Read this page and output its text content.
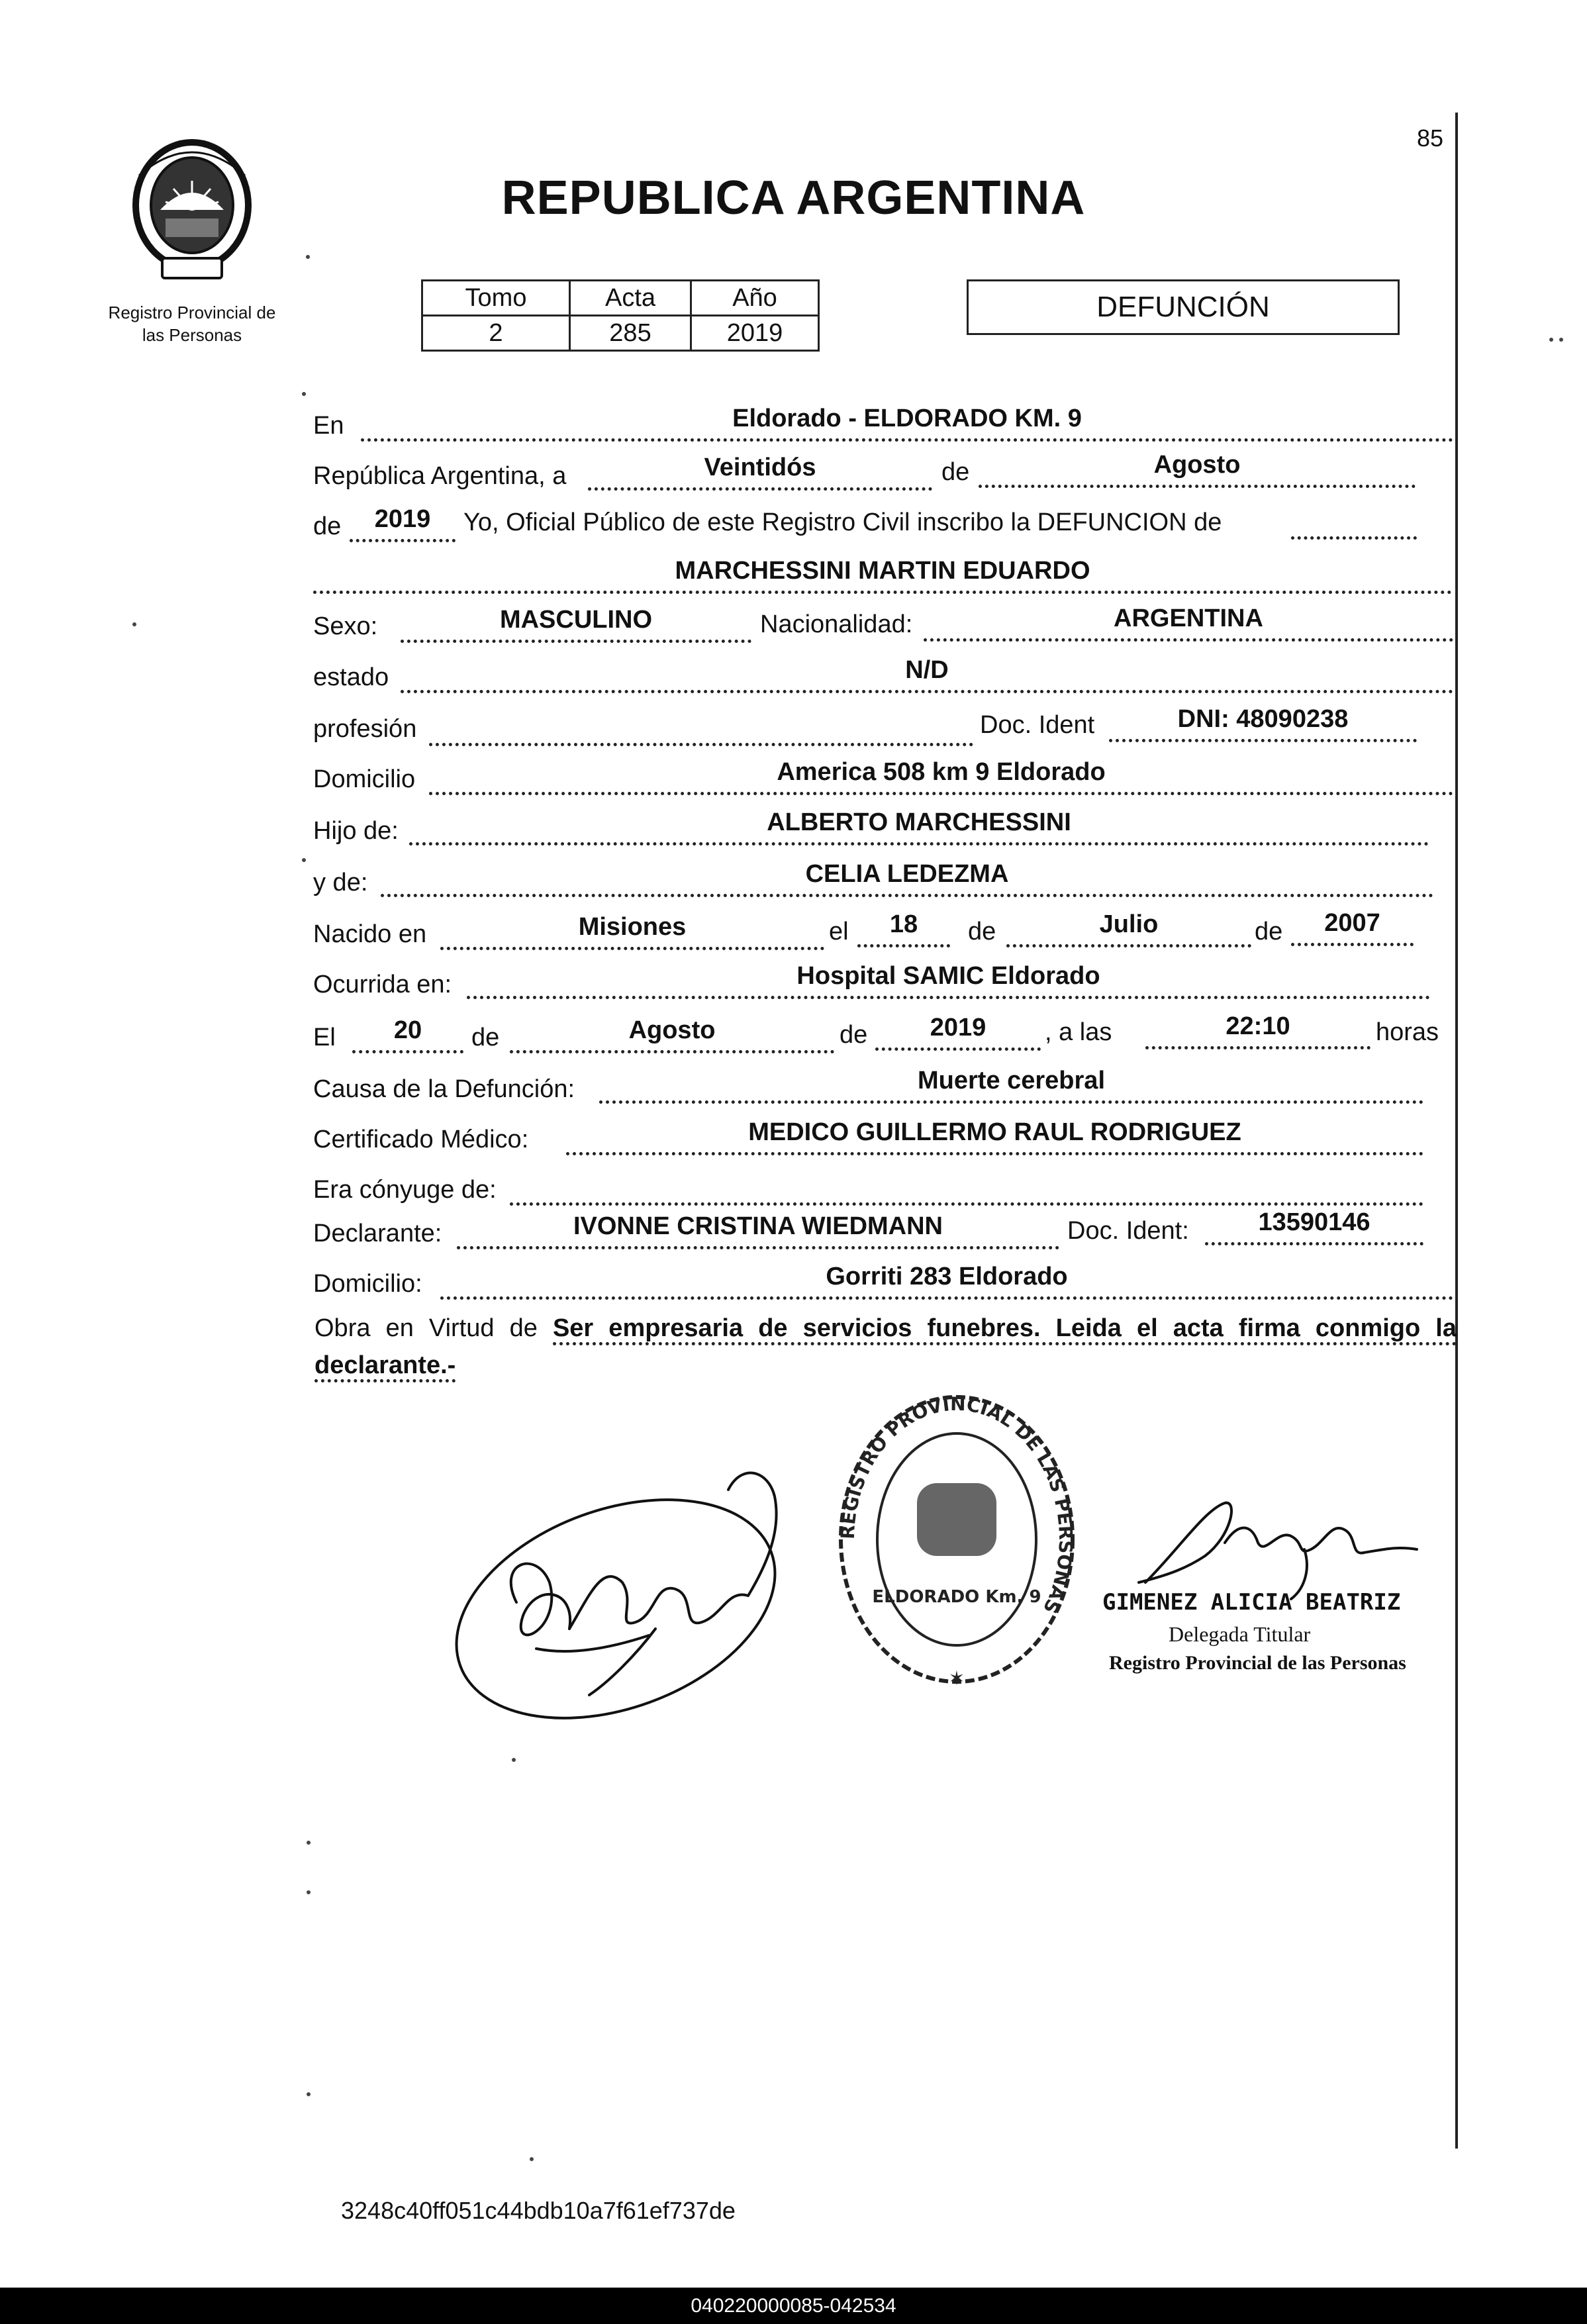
85
Registro Provincial de
las Personas
REPUBLICA ARGENTINA
Tomo	Acta	Año
2	285	2019
DEFUNCIÓN
En	Eldorado - ELDORADO KM. 9
República Argentina, a	Veintidós	de	Agosto
de	2019	Yo, Oficial Público de este Registro Civil inscribo la DEFUNCION de
MARCHESSINI MARTIN EDUARDO
Sexo:	MASCULINO	Nacionalidad:	ARGENTINA
estado	N/D
profesión	Doc. Ident	DNI: 48090238
Domicilio	America 508 km 9 Eldorado
Hijo de:	ALBERTO MARCHESSINI
y de:	CELIA LEDEZMA
Nacido en	Misiones	el	18	de	Julio	de	2007
Ocurrida en:	Hospital SAMIC Eldorado
El	20	de	Agosto	de	2019	, a las	22:10	horas
Causa de la Defunción:	Muerte cerebral
Certificado Médico:	MEDICO GUILLERMO RAUL RODRIGUEZ
Era cónyuge de:
Declarante:	IVONNE CRISTINA WIEDMANN	Doc. Ident:	13590146
Domicilio:	Gorriti 283 Eldorado
Obra en Virtud de Ser empresaria de servicios funebres. Leida el acta firma conmigo la declarante.-
REGISTRO PROVINCIAL DE LAS PERSONAS
ELDORADO Km. 9
✶
GIMENEZ ALICIA BEATRIZ
Delegada Titular
Registro Provincial de las Personas
3248c40ff051c44bdb10a7f61ef737de
040220000085-042534
